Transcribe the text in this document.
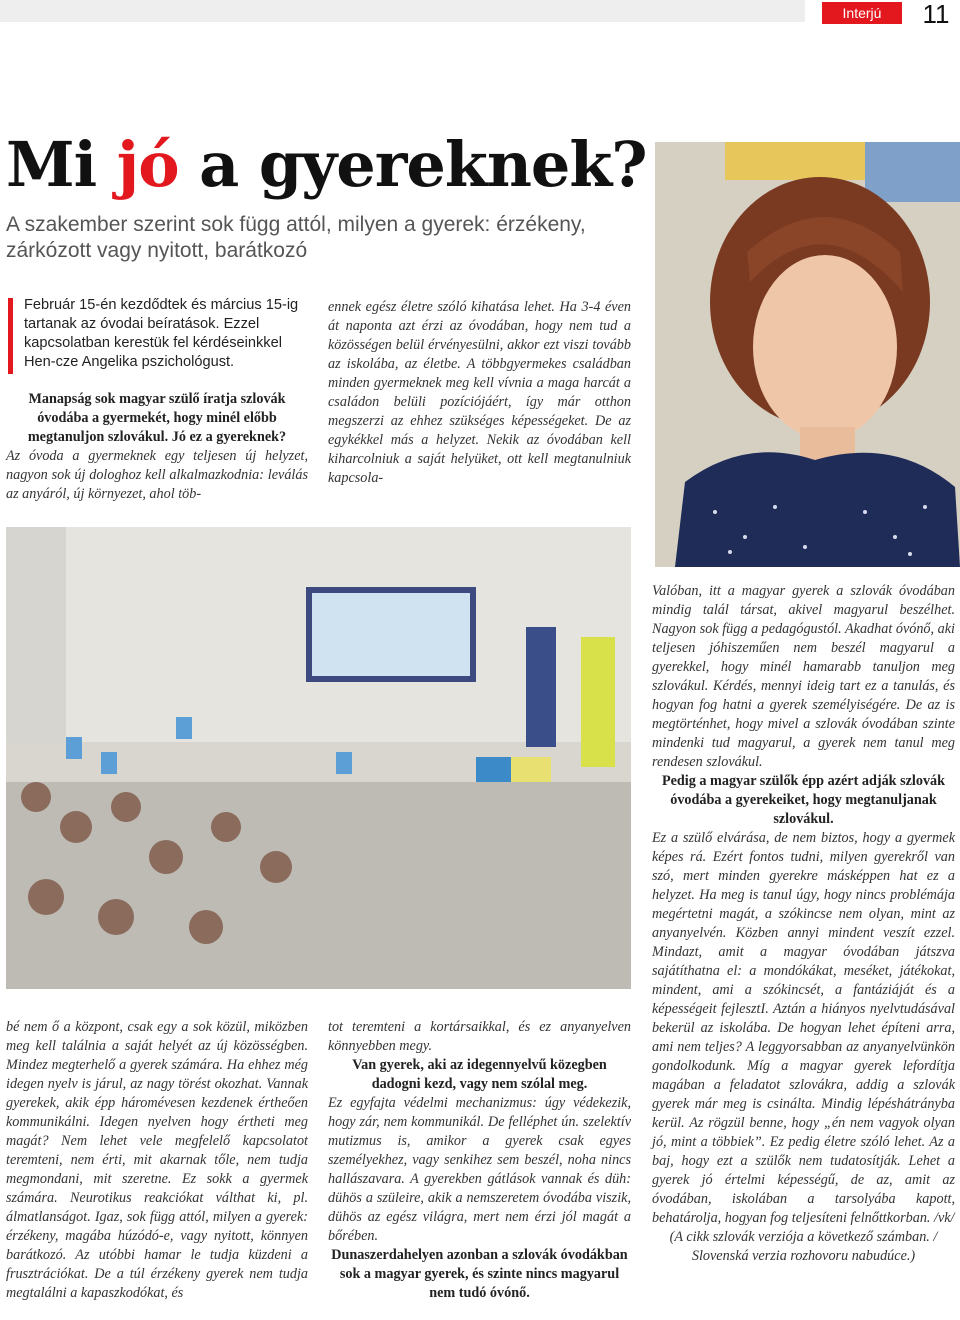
Interjú	11
Mi jó a gyereknek?
A szakember szerint sok függ attól, milyen a gyerek: érzékeny, zárkózott vagy nyitott, barátkozó
Február 15-én kezdődtek és március 15-ig tartanak az óvodai beíratások. Ezzel kapcsolatban kerestük fel kérdéseinkkel Hen-cze Angelika pszichológust.

Manapság sok magyar szülő íratja szlovák óvodába a gyermekét, hogy minél előbb megtanuljon szlovákul. Jó ez a gyereknek?

Az óvoda a gyermeknek egy teljesen új helyzet, nagyon sok új dologhoz kell alkalmazkodnia: leválás az anyáról, új környezet, ahol töb-

ennek egész életre szóló kihatása lehet. Ha 3-4 éven át naponta azt érzi az óvodában, hogy nem tud a közösségen belül érvényesülni, akkor ezt viszi tovább az iskolába, az életbe. A többgyermekes családban minden gyermeknek meg kell vívnia a maga harcát a családon belüli pozíciójáért, így már otthon megszerzi az ehhez szükséges képességeket. De az egykékkel más a helyzet. Nekik az óvodában kell kiharcolniuk a saját helyüket, ott kell megtanulniuk kapcsola-
bé nem ő a központ, csak egy a sok közül, miközben meg kell találnia a saját helyét az új közösségben. Mindez megterhelő a gyerek számára. Ha ehhez még idegen nyelv is járul, az nagy törést okozhat. Vannak gyerekek, akik épp háromévesen kezdenek értheően kommunikálni. Idegen nyelven hogy értheti meg magát? Nem lehet vele megfelelő kapcsolatot teremteni, nem érti, mit akarnak tőle, nem tudja megmondani, mit szeretne. Ez sokk a gyermek számára. Neurotikus reakciókat válthat ki, pl. álmatlanságot. Igaz, sok függ attól, milyen a gyerek: érzékeny, magába húzódó-e, vagy nyitott, könnyen barátkozó. Az utóbbi hamar le tudja küzdeni a frusztrációkat. De a túl érzékeny gyerek nem tudja megtalálni a kapaszkodókat, és

tot teremteni a kortársaikkal, és ez anyanyelven könnyebben megy.

Van gyerek, aki az idegennyelvű közegben dadogni kezd, vagy nem szólal meg.

Ez egyfajta védelmi mechanizmus: úgy védekezik, hogy zár, nem kommunikál. De felléphet ún. szelektív mutizmus is, amikor a gyerek csak egyes személyekhez, vagy senkihez sem beszél, noha nincs hallászavara. A gyerekben gátlások vannak és düh: dühös a szüleire, akik a nemszeretem óvodába viszik, dühös az egész világra, mert nem érzi jól magát a bőrében.

Dunaszerdahelyen azonban a szlovák óvodákban sok a magyar gyerek, és szinte nincs magyarul nem tudó óvónő.

Valóban, itt a magyar gyerek a szlovák óvodában mindig talál társat, akivel magyarul beszélhet. Nagyon sok függ a pedagógustól. Akadhat óvónő, aki teljesen jóhiszeműen nem beszél magyarul a gyerekkel, hogy minél hamarabb tanuljon meg szlovákul. Kérdés, mennyi ideig tart ez a tanulás, és hogyan fog hatni a gyerek személyiségére. De az is megtörténhet, hogy mivel a szlovák óvodában szinte mindenki tud magyarul, a gyerek nem tanul meg rendesen szlovákul.

Pedig a magyar szülők épp azért adják szlovák óvodába a gyerekeiket, hogy megtanuljanak szlovákul.

Ez a szülő elvárása, de nem biztos, hogy a gyermek képes rá. Ezért fontos tudni, milyen gyerekről van szó, mert minden gyerekre másképpen hat ez a helyzet. Ha meg is tanul úgy, hogy nincs problémája megértetni magát, a szókincse nem olyan, mint az anyanyelvén. Közben annyi mindent veszít ezzel. Mindazt, amit a magyar óvodában játszva sajátíthatna el: a mondókákat, meséket, játékokat, mindent, ami a szókincsét, a fantáziáját és a képességeit fejlesztI. Aztán a hiányos nyelvtudásával bekerül az iskolába. De hogyan lehet építeni arra, ami nem teljes? A leggyorsabban az anyanyelvünkön gondolkodunk. Míg a magyar gyerek lefordítja magában a feladatot szlovákra, addig a szlovák gyerek már meg is csinálta. Mindig lépéshátrányba kerül. Az rögzül benne, hogy „én nem vagyok olyan jó, mint a többiek”. Ez pedig életre szóló lehet. Az a baj, hogy ezt a szülők nem tudatosítják. Lehet a gyerek jó értelmi képességű, de az, amit az óvodában, iskolában a tarsolyába kapott, behatárolja, hogyan fog teljesíteni felnőttkorban. /vk/

(A cikk szlovák verziója a következő számban. / Slovenská verzia rozhovoru nabudúce.)
